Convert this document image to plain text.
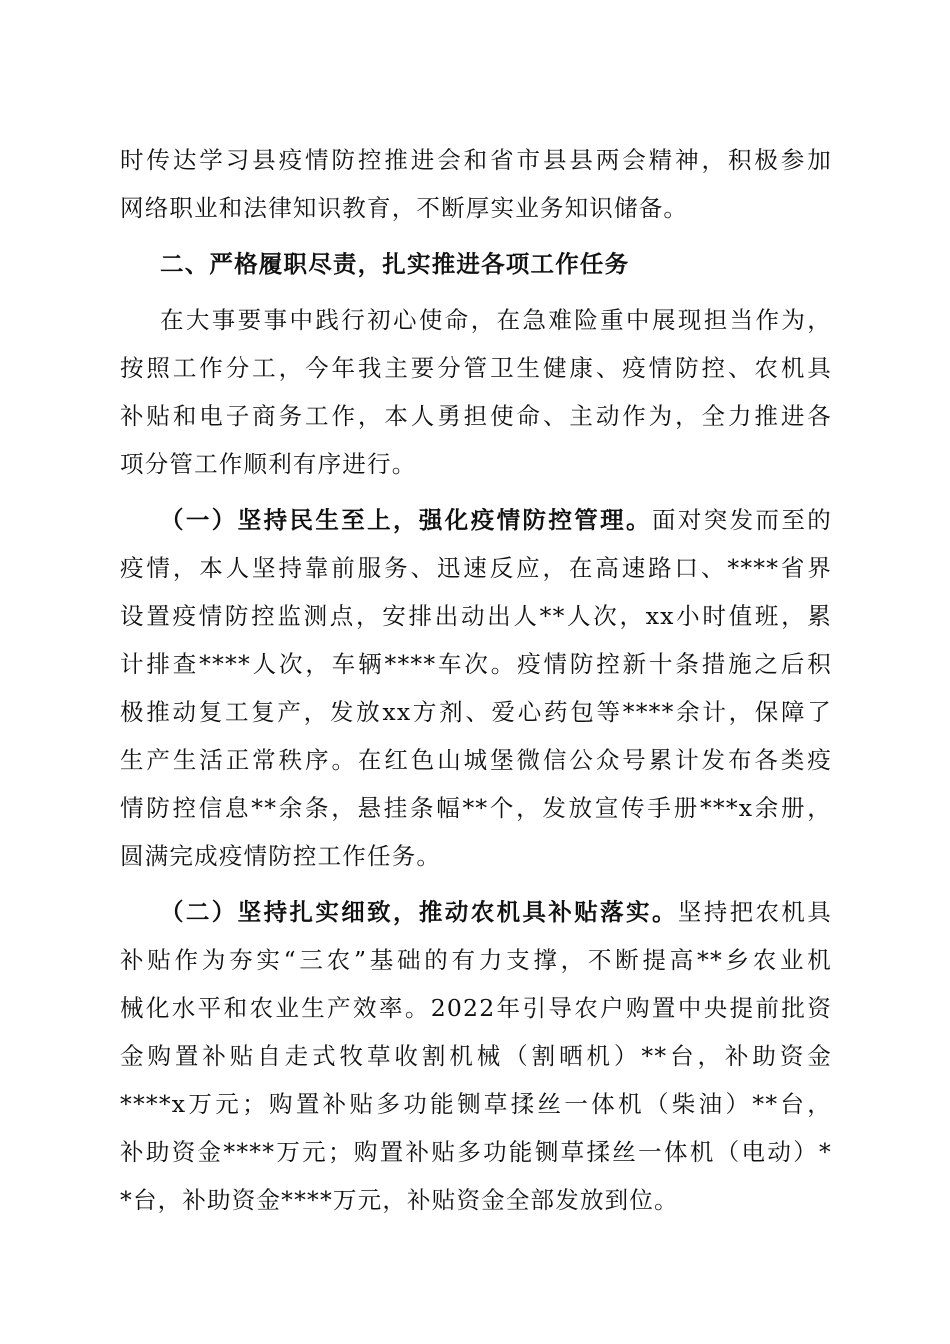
时传达学习县疫情防控推进会和省市县县两会精神，积极参加
网络职业和法律知识教育，不断厚实业务知识储备。
二、严格履职尽责，扎实推进各项工作任务
在大事要事中践行初心使命，在急难险重中展现担当作为，
按照工作分工，今年我主要分管卫生健康、疫情防控、农机具
补贴和电子商务工作，本人勇担使命、主动作为，全力推进各
项分管工作顺利有序进行。
（一）坚持民生至上，强化疫情防控管理。面对突发而至的
疫情，本人坚持靠前服务、迅速反应，在高速路口、****省界
设置疫情防控监测点，安排出动出人**人次，xx小时值班，累
计排查****人次，车辆****车次。疫情防控新十条措施之后积
极推动复工复产，发放xx方剂、爱心药包等****余计，保障了
生产生活正常秩序。在红色山城堡微信公众号累计发布各类疫
情防控信息**余条，悬挂条幅**个，发放宣传手册***x余册，
圆满完成疫情防控工作任务。
（二）坚持扎实细致，推动农机具补贴落实。坚持把农机具
补贴作为夯实“三农”基础的有力支撑，不断提高**乡农业机
械化水平和农业生产效率。2022年引导农户购置中央提前批资
金购置补贴自走式牧草收割机械（割晒机）**台，补助资金
****x万元；购置补贴多功能铡草揉丝一体机（柴油）**台，
补助资金****万元；购置补贴多功能铡草揉丝一体机（电动）*
*台，补助资金****万元，补贴资金全部发放到位。
